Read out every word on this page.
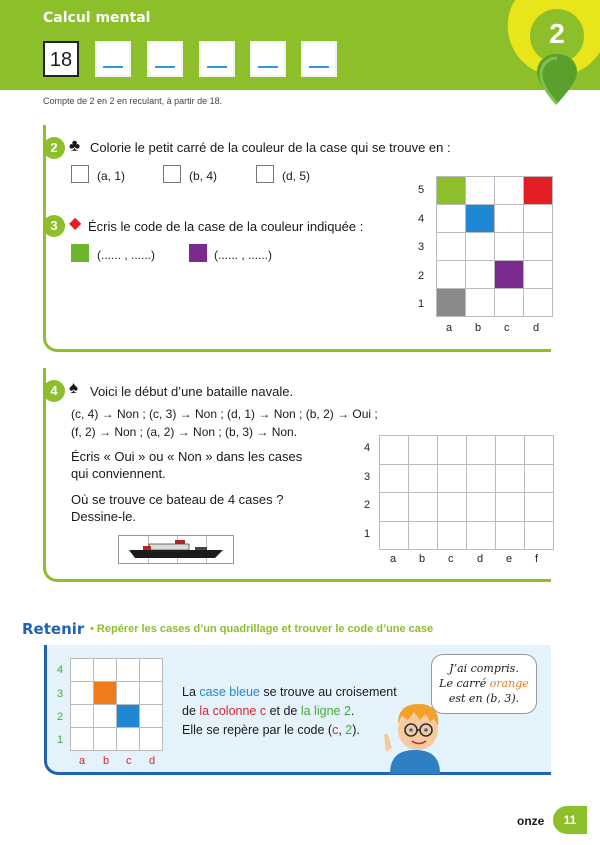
Calcul mental
18
Compte de 2 en 2 en reculant, à partir de 18.
2
2 ♣ Colorie le petit carré de la couleur de la case qui se trouve en :
(a, 1)	(b, 4)	(d, 5)
3 ◆ Écris le code de la case de la couleur indiquée :
(...... , ......)	(...... , ......)

5
4
3
2
1
a b c d
4 ♠ Voici le début d’une bataille navale.
(c, 4) → Non ; (c, 3) → Non ; (d, 1) → Non ; (b, 2) → Oui ;
(f, 2) → Non ; (a, 2) → Non ; (b, 3) → Non.
Écris « Oui » ou « Non » dans les cases
qui conviennent.
Où se trouve ce bateau de 4 cases ?
Dessine-le.

4
3
2
1
a b c d e f
Retenir • Repérer les cases d’un quadrillage et trouver le code d’une case

4
3
2
1
a b c d
La case bleue se trouve au croisement
de la colonne c et de la ligne 2.
Elle se repère par le code (c, 2).
J’ai compris.
Le carré orange
est en (b, 3).
onze	11
